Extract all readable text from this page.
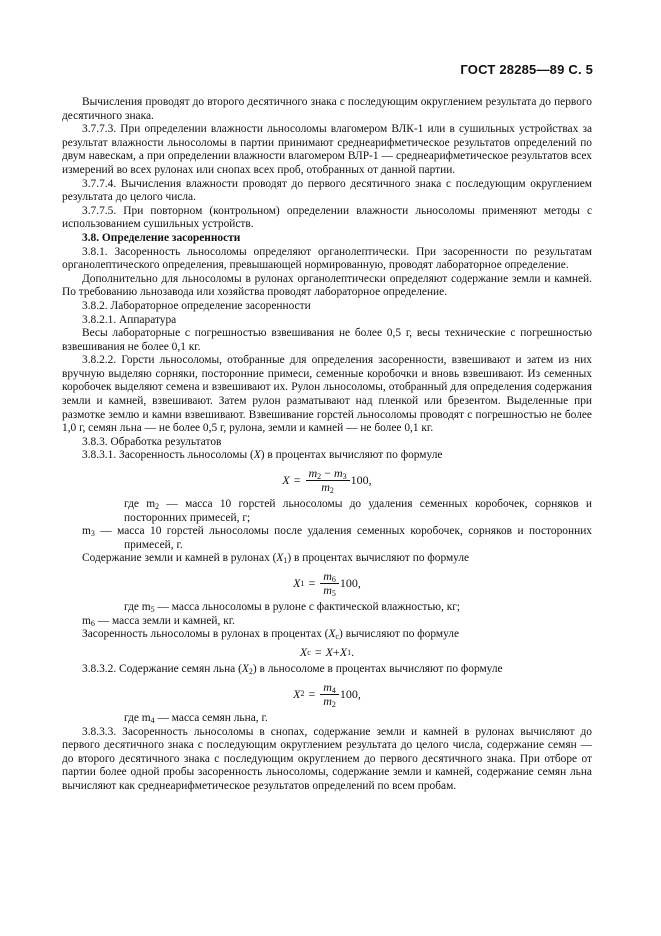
ГОСТ 28285—89 С. 5

Вычисления проводят до второго десятичного знака с последующим округлением результата до первого десятичного знака.

3.7.7.3. При определении влажности льносоломы влагомером ВЛК-1 или в сушильных устройствах за результат влажности льносоломы в партии принимают среднеарифметическое результатов определений по двум навескам, а при определении влажности влагомером ВЛР-1 — среднеарифметическое результатов всех измерений во всех рулонах или снопах всех проб, отобранных от данной партии.

3.7.7.4. Вычисления влажности проводят до первого десятичного знака с последующим округлением результата до целого числа.

3.7.7.5. При повторном (контрольном) определении влажности льносоломы применяют методы с использованием сушильных устройств.

3.8. Определение засоренности

3.8.1. Засоренность льносоломы определяют органолептически. При засоренности по результатам органолептического определения, превышающей нормированную, проводят лабораторное определение.

Дополнительно для льносоломы в рулонах органолептически определяют содержание земли и камней. По требованию льнозавода или хозяйства проводят лабораторное определение.

3.8.2. Лабораторное определение засоренности

3.8.2.1. Аппаратура

Весы лабораторные с погрешностью взвешивания не более 0,5 г, весы технические с погрешностью взвешивания не более 0,1 кг.

3.8.2.2. Горсти льносоломы, отобранные для определения засоренности, взвешивают и затем из них вручную выделяю сорняки, посторонние примеси, семенные коробочки и вновь взвешивают. Из семенных коробочек выделяют семена и взвешивают их. Рулон льносоломы, отобранный для определения содержания земли и камней, взвешивают. Затем рулон разматывают над пленкой или брезентом. Выделенные при размотке землю и камни взвешивают. Взвешивание горстей льносоломы проводят с погрешностью не более 1,0 г, семян льна — не более 0,5 г, рулона, земли и камней — не более 0,1 кг.

3.8.3. Обработка результатов

3.8.3.1. Засоренность льносоломы (X) в процентах вычисляют по формуле

$X = \frac{m_2 - m_3}{m_2} 100$,

где $m_2$ — масса 10 горстей льносоломы до удаления семенных коробочек, сорняков и посторонних примесей, г;

$m_3$ — масса 10 горстей льносоломы после удаления семенных коробочек, сорняков и посторонних примесей, г.

Содержание земли и камней в рулонах $(X_1)$ в процентах вычисляют по формуле

X $1 = \frac{m_6}{m_5} 100$,

где $m_5$ — масса льносоломы в рулоне с фактической влажностью, кг;

$m_6$ — масса земли и камней, кг.

Засоренность льносоломы в рулонах в процентах $(X_c)$ вычисляют по формуле

X c = X + X 1 .

3.8.3.2. Содержание семян льна $(X_2)$ в льносоломе в процентах вычисляют по формуле

X $2 = \frac{m_4}{m_2} 100$,

где $m_4$ — масса семян льна, г.

3.8.3.3. Засоренность льносоломы в снопах, содержание земли и камней в рулонах вычисляют до первого десятичного знака с последующим округлением результата до целого числа, содержание семян — до второго десятичного знака с последующим округлением до первого десятичного знака. При отборе от партии более одной пробы засоренность льносоломы, содержание земли и камней, содержание семян льна вычисляют как среднеарифметическое результатов определений по всем пробам.
